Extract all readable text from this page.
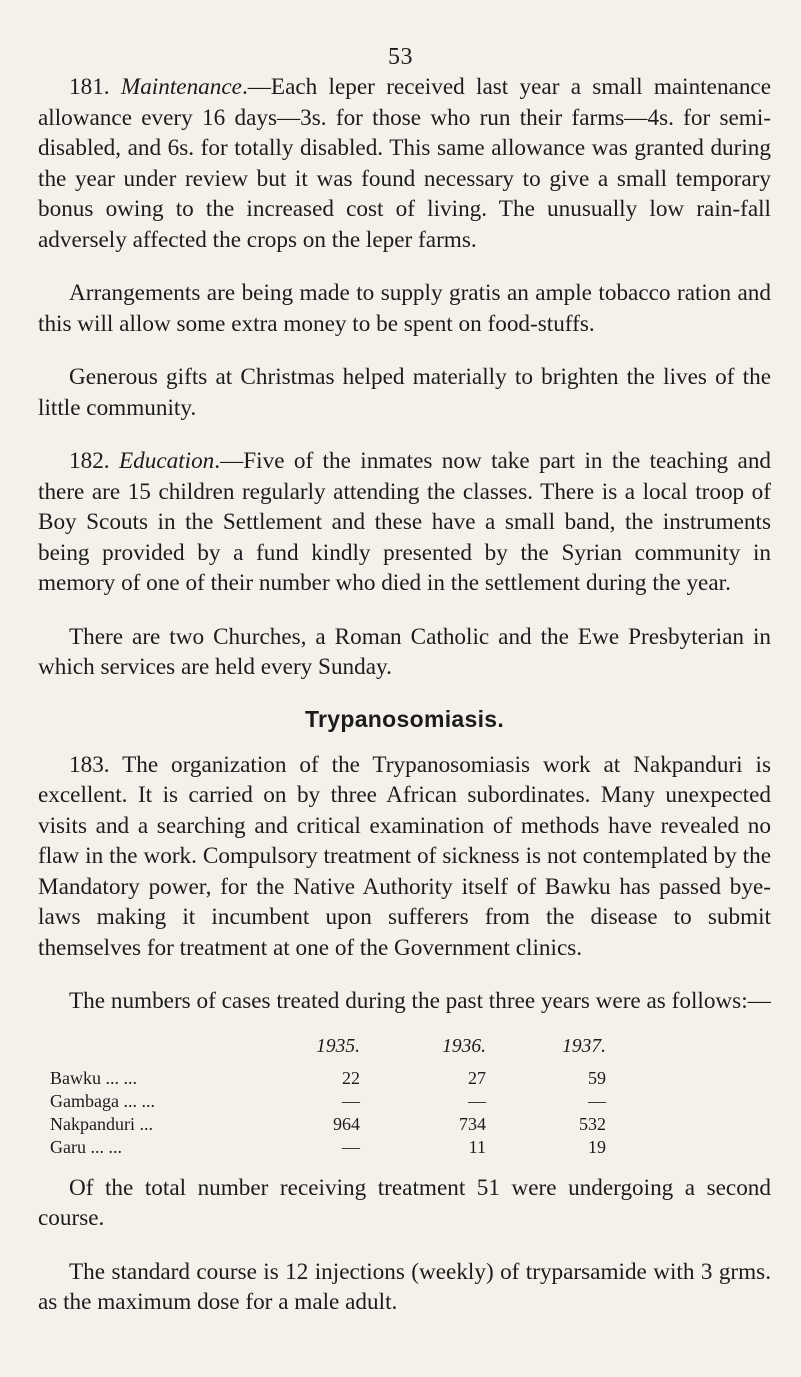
53

181. Maintenance.—Each leper received last year a small maintenance allowance every 16 days—3s. for those who run their farms—4s. for semi-disabled, and 6s. for totally disabled. This same allowance was granted during the year under review but it was found necessary to give a small temporary bonus owing to the increased cost of living. The unusually low rain-fall adversely affected the crops on the leper farms.

Arrangements are being made to supply gratis an ample tobacco ration and this will allow some extra money to be spent on food-stuffs.

Generous gifts at Christmas helped materially to brighten the lives of the little community.

182. Education.—Five of the inmates now take part in the teaching and there are 15 children regularly attending the classes. There is a local troop of Boy Scouts in the Settlement and these have a small band, the instruments being provided by a fund kindly presented by the Syrian community in memory of one of their number who died in the settlement during the year.

There are two Churches, a Roman Catholic and the Ewe Presbyterian in which services are held every Sunday.

Trypanosomiasis.

183. The organization of the Trypanosomiasis work at Nakpanduri is excellent. It is carried on by three African subordinates. Many unexpected visits and a searching and critical examination of methods have revealed no flaw in the work. Compulsory treatment of sickness is not contemplated by the Mandatory power, for the Native Authority itself of Bawku has passed bye-laws making it incumbent upon sufferers from the disease to submit themselves for treatment at one of the Government clinics.

The numbers of cases treated during the past three years were as follows:—

	1935.	1936.	1937.
Bawku ... ...	22	27	59
Gambaga ... ...	—	—	—
Nakpanduri ...	964	734	532
Garu ... ...	—	11	19

Of the total number receiving treatment 51 were undergoing a second course.

The standard course is 12 injections (weekly) of tryparsamide with 3 grms. as the maximum dose for a male adult.
